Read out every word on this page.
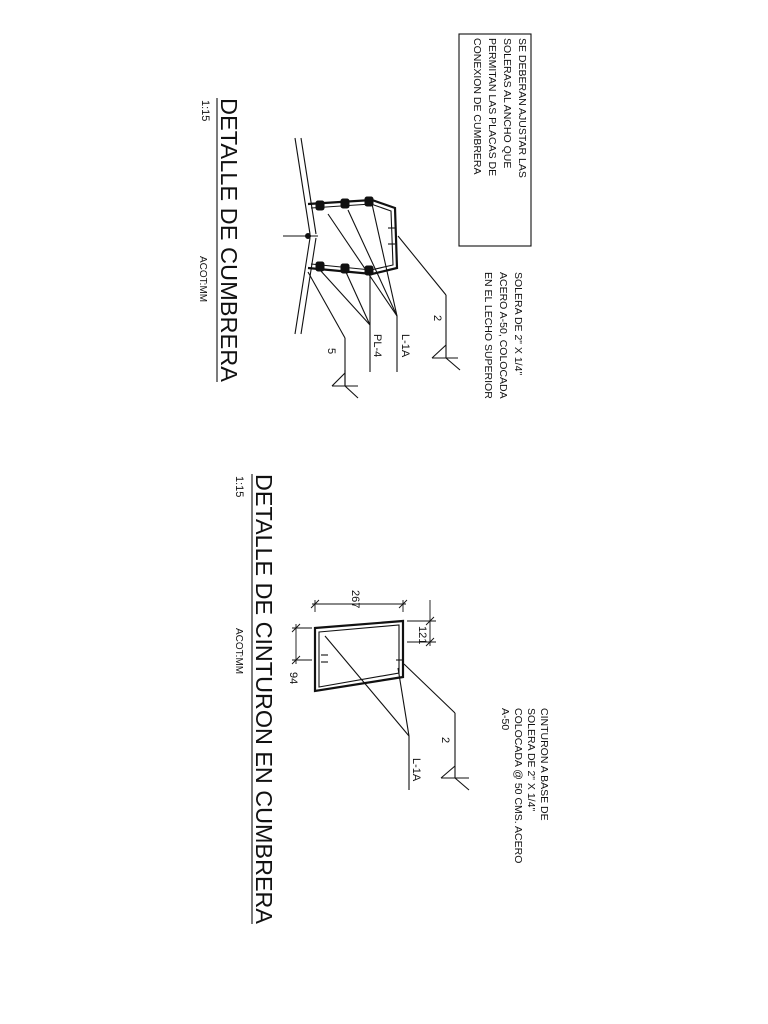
DETALLE DE CUMBRERA
1:15
ACOT:MM
SE DEBERAN AJUSTAR LAS
SOLERAS AL ANCHO QUE
PERMITAN LAS PLACAS DE
CONEXION DE CUMBRERA
SOLERA DE 2" X 1/4"
ACERO A-50, COLOCADA
EN EL LECHO SUPERIOR
2
5	L-1A
PL-4
DETALLE DE CINTURON EN CUMBRERA
1:15
ACOT:MM
CINTURON A BASE DE
SOLERA DE 2" X 1/4"
COLOCADA @ 50 CMS. ACERO
A-50
267
121
94
2
L-1A
